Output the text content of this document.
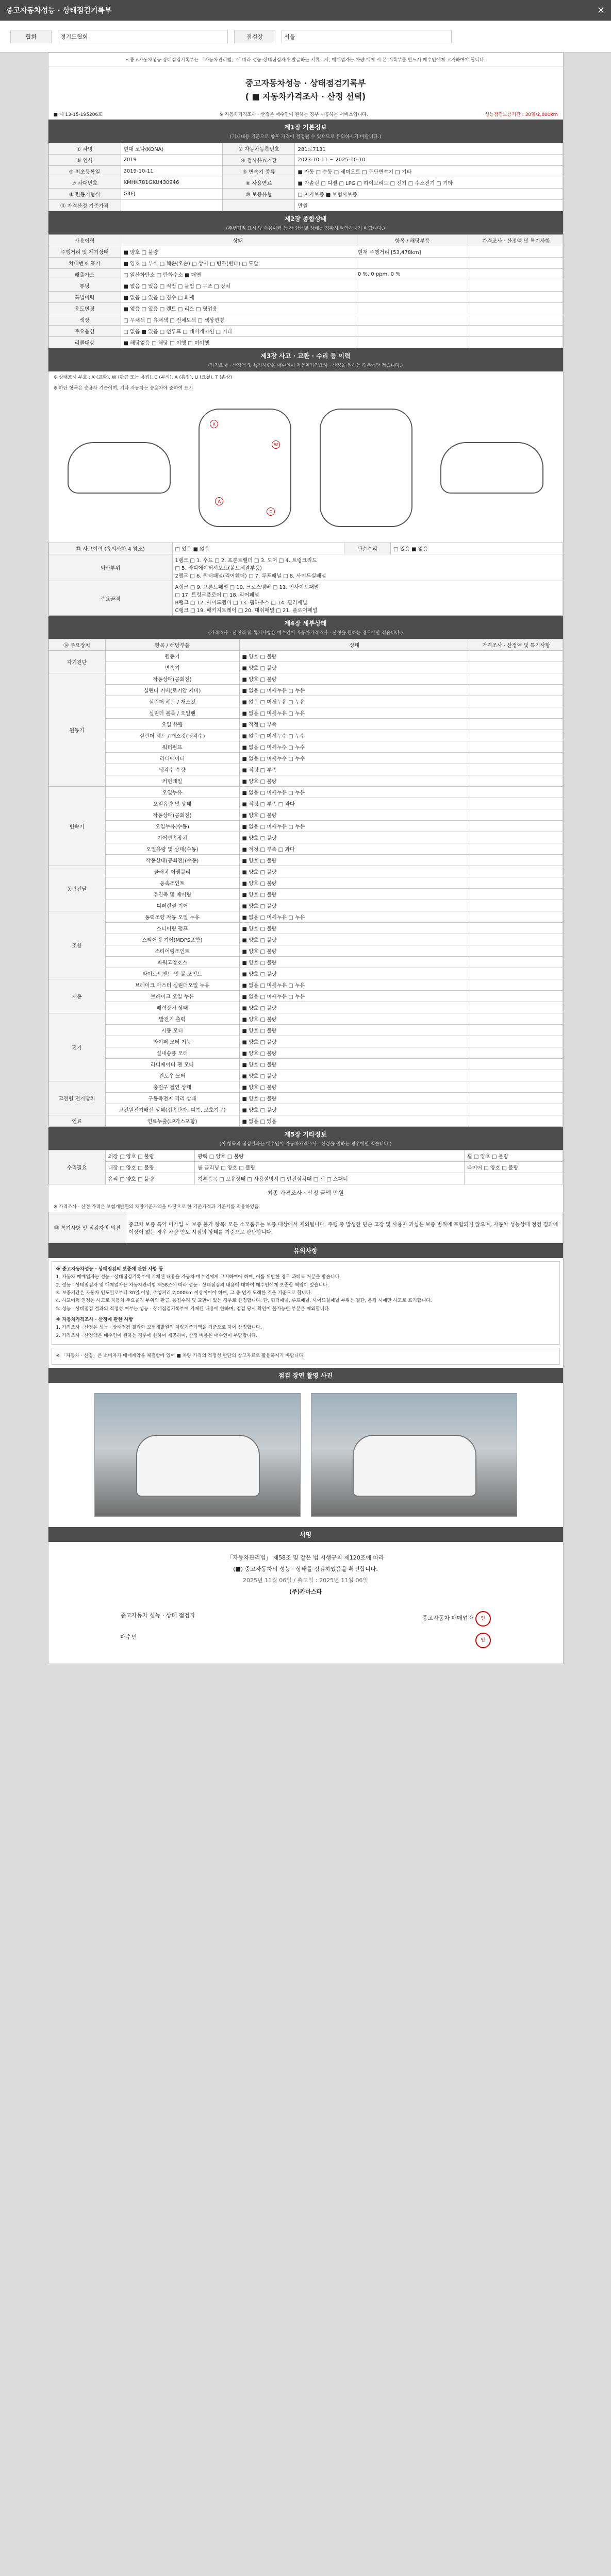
중고자동차성능 · 상태점검기록부	✕
협회	경기도협회	점검장	서울
• 중고자동차성능·상태점검기록부는 「자동차관리법」에 따라 성능·상태점검자가 발급하는 서류로서, 매매업자는 차량 매매 시 본 기록부를 반드시 매수인에게 고지하여야 합니다.
중고자동차성능 · 상태점검기록부
( ■ 자동차가격조사 · 산정 선택)
■ 제 13-15-195206호	※ 자동차가격조사 · 산정은 매수인이 원하는 경우 제공하는 서비스입니다.	성능점검보증기간 : 30일/2,000km
제1장 기본정보
(기재내용 기준으로 향후 가격이 결정될 수 있으므로 유의하시기 바랍니다.)
① 차명	현대 코나(KONA)	② 자동차등록번호	281로7131
③ 연식	2019	④ 검사유효기간	2023-10-11 ~ 2025-10-10
⑤ 최초등록일	2019-10-11	⑥ 변속기 종류	■ 자동 □ 수동 □ 세미오토 □ 무단변속기 □ 기타
⑦ 차대번호	KMHK781GKU430946	⑧ 사용연료	■ 가솔린 □ 디젤 □ LPG □ 하이브리드 □ 전기 □ 수소전기 □ 기타
⑨ 원동기형식	G4FJ	⑩ 보증유형	□ 자가보증 ■ 보험사보증
⑪ 가격산정 기준가격			만원
제2장 종합상태
(주행거리 표시 및 사용이력 등 각 항목별 상태를 정확히 파악하시기 바랍니다.)
사용이력	상태	항목 / 해당부품	가격조사 · 산정액 및 특기사항
주행거리 및 계기상태	■ 양호 □ 불량	현재 주행거리 [53,478km]	
차대번호 표기	■ 양호 □ 부식 □ 훼손(오손) □ 상이 □ 변조(변타) □ 도말		
배출가스	□ 일산화탄소 □ 탄화수소 ■ 매연	0 %, 0 ppm, 0 %	
튜닝	■ 없음 □ 있음 □ 적법 □ 불법 □ 구조 □ 장치		
특별이력	■ 없음 □ 있음 □ 침수 □ 화재		
용도변경	■ 없음 □ 있음 □ 렌트 □ 리스 □ 영업용		
색상	□ 무채색 □ 유채색 □ 전체도색 □ 색상변경		
주요옵션	□ 없음 ■ 있음 □ 선루프 □ 네비게이션 □ 기타		
리콜대상	■ 해당없음 □ 해당 □ 이행 □ 미이행		
제3장 사고 · 교환 · 수리 등 이력
(가격조사 · 산정액 및 특기사항은 매수인이 자동차가격조사 · 산정을 원하는 경우에만 적습니다.)
※ 상태표시 부호 : X (교환), W (판금 또는 용접), C (부식), A (흠집), U (요철), T (손상)
※ 하단 항목은 승용차 기준이며, 기타 자동차는 승용차에 준하여 표시
X
W
A
C
⑬ 사고이력 (유의사항 4 참조)	□ 있음 ■ 없음	단순수리	□ 있음 ■ 없음
외판부위	1랭크 □ 1. 후드 □ 2. 프론트휀더 □ 3. 도어 □ 4. 트렁크리드
□ 5. 라디에이터서포트(볼트체결부품)
2랭크 □ 6. 쿼터패널(리어휀더) □ 7. 루프패널 □ 8. 사이드실패널		

주요골격	A랭크 □ 9. 프론트패널 □ 10. 크로스멤버 □ 11. 인사이드패널
□ 17. 트렁크플로어 □ 18. 리어패널
B랭크 □ 12. 사이드멤버 □ 13. 휠하우스 □ 14. 필러패널
C랭크 □ 19. 패키지트레이 □ 20. 대쉬패널 □ 21. 플로어패널		
제4장 세부상태
(가격조사 · 산정액 및 특기사항은 매수인이 자동차가격조사 · 산정을 원하는 경우에만 적습니다.)
⑭ 주요장치	항목 / 해당부품	상태	가격조사 · 산정액 및 특기사항
자기진단	원동기	■ 양호 □ 불량	
	변속기	■ 양호 □ 불량	
원동기	작동상태(공회전)	■ 양호 □ 불량	
	실린더 커버(로커암 커버)	■ 없음 □ 미세누유 □ 누유	
	실린더 헤드 / 개스킷	■ 없음 □ 미세누유 □ 누유	
	실린더 블록 / 오일팬	■ 없음 □ 미세누유 □ 누유	
	오일 유량	■ 적정 □ 부족	
	실린더 헤드 / 개스킷(냉각수)	■ 없음 □ 미세누수 □ 누수	
	워터펌프	■ 없음 □ 미세누수 □ 누수	
	라디에이터	■ 없음 □ 미세누수 □ 누수	
	냉각수 수량	■ 적정 □ 부족	
	커먼레일	■ 양호 □ 불량	
변속기	오일누유	■ 없음 □ 미세누유 □ 누유	
	오일유량 및 상태	■ 적정 □ 부족 □ 과다	
	작동상태(공회전)	■ 양호 □ 불량	
	오일누유(수동)	■ 없음 □ 미세누유 □ 누유	
	기어변속장치	■ 양호 □ 불량	
	오일유량 및 상태(수동)	■ 적정 □ 부족 □ 과다	
	작동상태(공회전)(수동)	■ 양호 □ 불량	
동력전달	클러치 어셈블리	■ 양호 □ 불량	
	등속조인트	■ 양호 □ 불량	
	추진축 및 베어링	■ 양호 □ 불량	
	디퍼렌셜 기어	■ 양호 □ 불량	
조향	동력조향 작동 오일 누유	■ 없음 □ 미세누유 □ 누유	
	스티어링 펌프	■ 양호 □ 불량	
	스티어링 기어(MDPS포함)	■ 양호 □ 불량	
	스티어링조인트	■ 양호 □ 불량	
	파워고압호스	■ 양호 □ 불량	
	타이로드엔드 및 볼 조인트	■ 양호 □ 불량	
제동	브레이크 마스터 실린더오일 누유	■ 없음 □ 미세누유 □ 누유	
	브레이크 오일 누유	■ 없음 □ 미세누유 □ 누유	
	배력장치 상태	■ 양호 □ 불량	
전기	발전기 출력	■ 양호 □ 불량	
	시동 모터	■ 양호 □ 불량	
	와이퍼 모터 기능	■ 양호 □ 불량	
	실내송풍 모터	■ 양호 □ 불량	
	라디에이터 팬 모터	■ 양호 □ 불량	
	윈도우 모터	■ 양호 □ 불량	
고전원 전기장치	충전구 절연 상태	■ 양호 □ 불량	
	구동축전지 격리 상태	■ 양호 □ 불량	
	고전원전기배선 상태(접속단자, 피복, 보호기구)	■ 양호 □ 불량	
연료	연료누출(LP가스포함)	■ 없음 □ 있음	
제5장 기타정보
(이 항목의 점검결과는 매수인이 자동차가격조사 · 산정을 원하는 경우에만 적습니다.)
수리필요	외장 □ 양호 □ 불량	광택 □ 양호 □ 불량	휠 □ 양호 □ 불량
	내장 □ 양호 □ 불량	룸 클리닝 □ 양호 □ 불량	타이어 □ 양호 □ 불량
	유리 □ 양호 □ 불량	기본품목 □ 보유상태 □ 사용설명서 □ 안전삼각대 □ 잭 □ 스패너	
최종 가격조사 · 산정 금액 만원
※ 가격조사 · 산정 가격은 보험개발원의 차량기준가액을 바탕으로 한 기준가격과 기준서를 적용하였음.
⑮ 특기사항 및 점검자의 의견	중고차 보증 특약 미가입 시 보증 불가 항목: 모든 소모품류는 보증 대상에서 제외됩니다. 주행 중 발생한 단순 고장 및 사용자 과실은 보증 범위에 포함되지 않으며, 자동차 성능상태 점검 결과에 이상이 없는 경우 차량 인도 시점의 상태를 기준으로 판단합니다.
유의사항
※ 중고자동차성능 · 상태점검의 보증에 관한 사항 등
1. 자동차 매매업자는 성능 · 상태점검기록부에 기재된 내용을 자동차 매수인에게 고지하여야 하며, 이를 위반한 경우 과태료 처분을 받습니다.
2. 성능 · 상태점검자 및 매매업자는 자동차관리법 제58조에 따라 성능 · 상태점검의 내용에 대하여 매수인에게 보증할 책임이 있습니다.
3. 보증기간은 자동차 인도일로부터 30일 이상, 주행거리 2,000km 이상이어야 하며, 그 중 먼저 도래한 것을 기준으로 합니다.
4. 사고이력 인정은 사고로 자동차 주요골격 부위의 판금, 용접수리 및 교환이 있는 경우로 한정합니다. 단, 쿼터패널, 루프패널, 사이드실패널 부위는 절단, 용접 시에만 사고로 표기합니다.
5. 성능 · 상태점검 결과의 적정성 여부는 성능 · 상태점검기록부에 기재된 내용에 한하며, 점검 당시 확인이 불가능한 부분은 제외합니다.
※ 자동차가격조사 · 산정에 관한 사항
1. 가격조사 · 산정은 성능 · 상태점검 결과와 보험개발원의 차량기준가액을 기준으로 하여 산정합니다.
2. 가격조사 · 산정액은 매수인이 원하는 경우에 한하여 제공하며, 산정 비용은 매수인이 부담합니다.
※ 「자동차 · 산정」은 소비자가 매매계약을 체결함에 있어 ■ 차량 가격의 적정성 판단의 참고자료로 활용하시기 바랍니다.
점검 장면 촬영 사진
서명
「자동차관리법」 제58조 및 같은 법 시행규칙 제120조에 따라
(■) 중고자동차의 성능 · 상태를 점검하였음을 확인합니다.
2025년 11월 06일 / 출고일 : 2025년 11월 06일
(주)카마스타
중고자동차 성능 · 상태 점검자	중고자동차 매매업자 인
매수인	인
